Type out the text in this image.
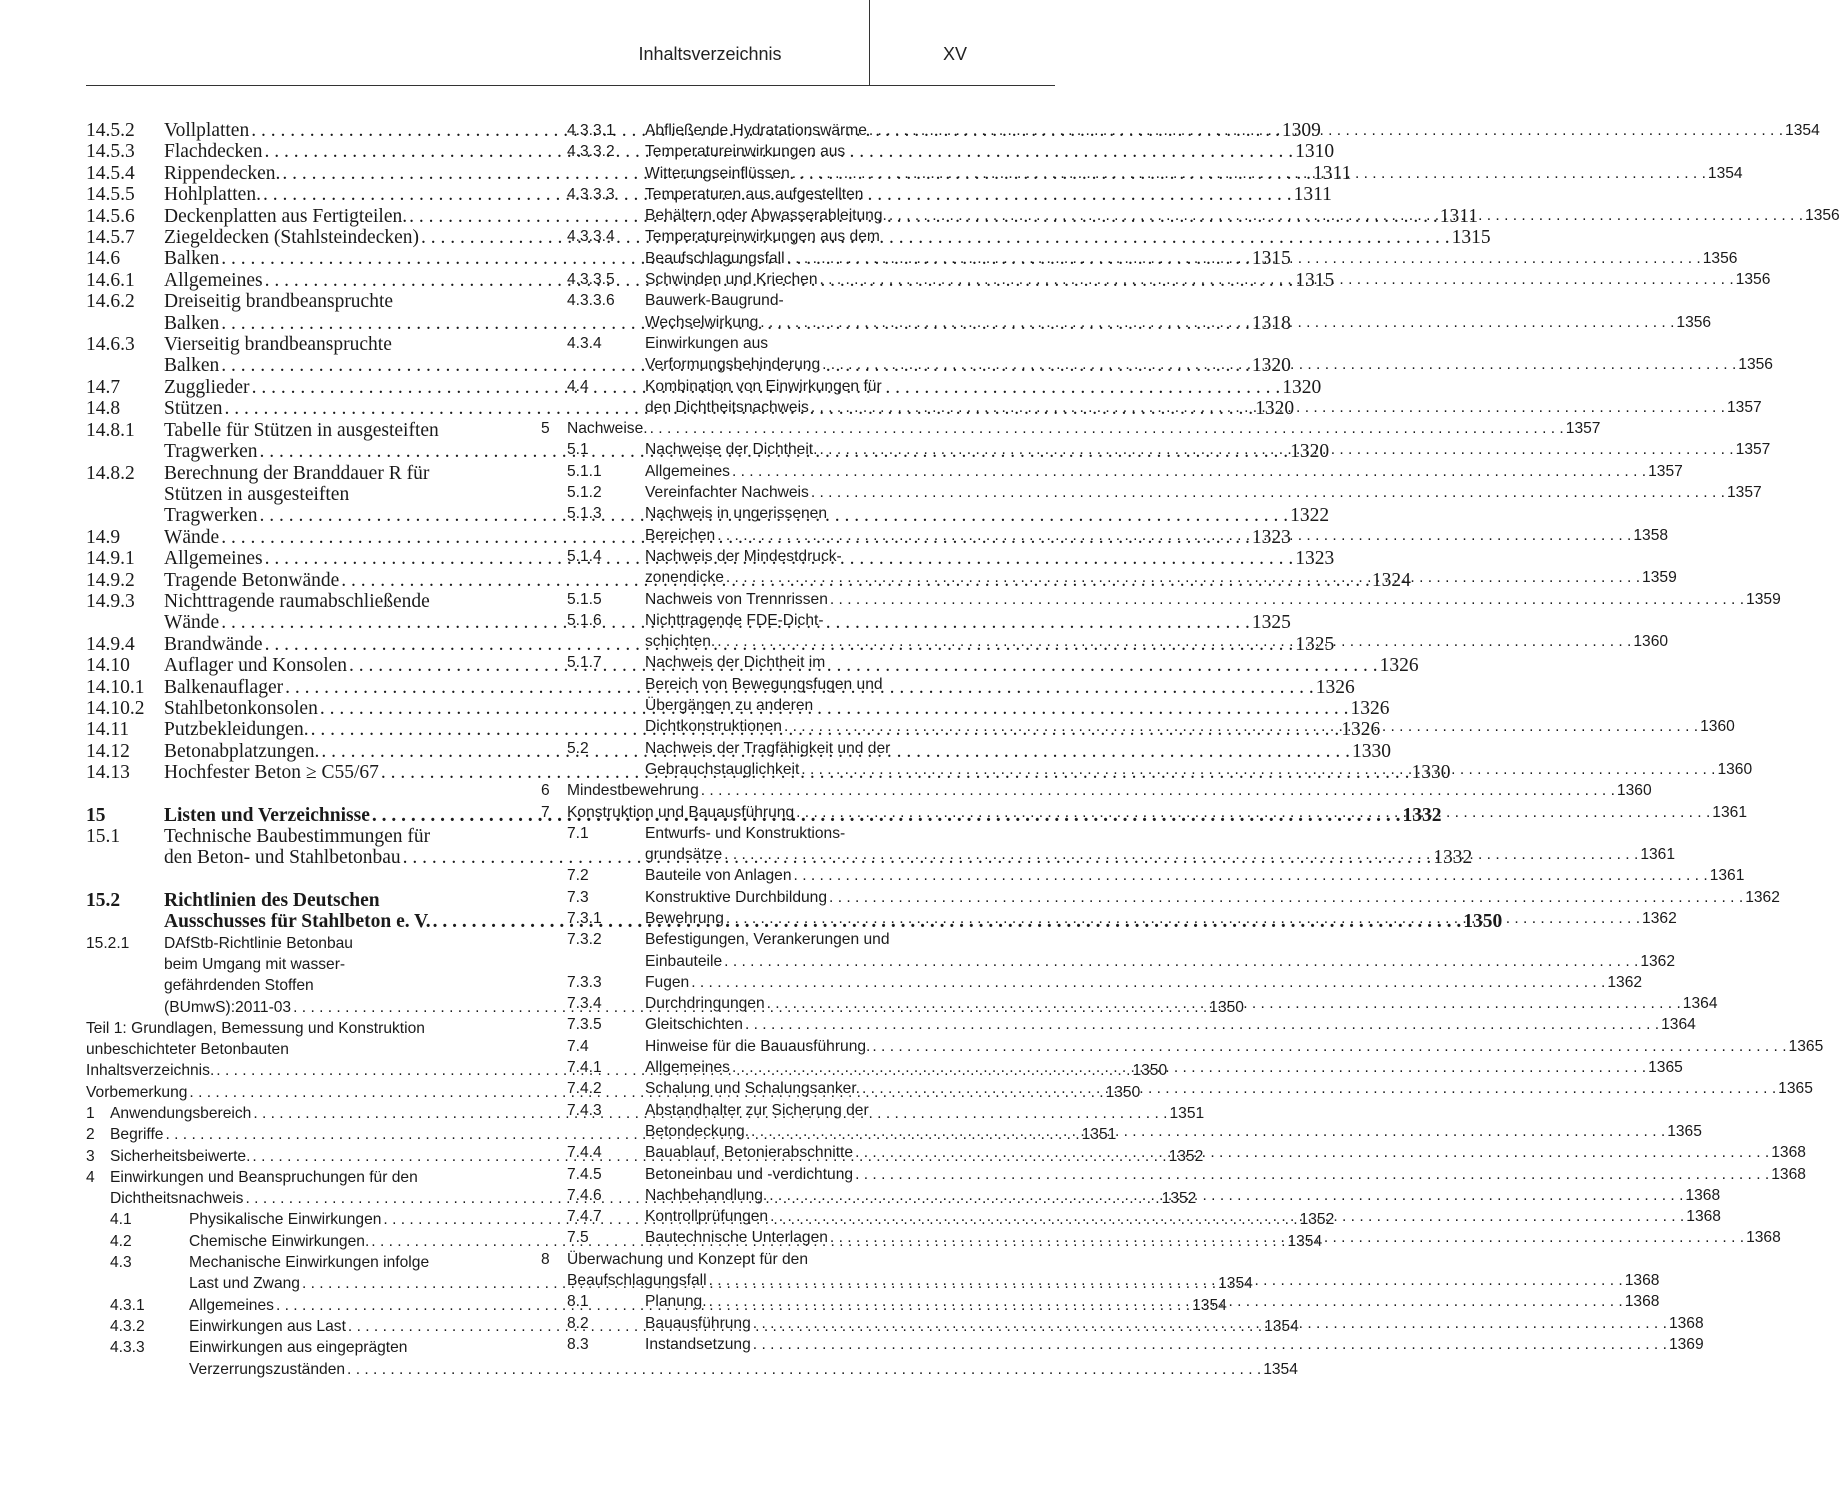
Inhaltsverzeichnis	XV
14.5.2 Vollplatten . . .	1309
14.5.3 Flachdecken . . .	1310
14.5.4 Rippendecken. . . .	1311
14.5.5 Hohlplatten. . . .	1311
14.5.6 Deckenplatten aus Fertigteilen. . . .	1311
14.5.7 Ziegeldecken (Stahlsteindecken) . . .	1315
14.6 Balken . . .	1315
14.6.1 Allgemeines . . .	1315
14.6.2 Dreiseitig brandbeanspruchte
Balken . . .	1318
14.6.3 Vierseitig brandbeanspruchte
Balken . . .	1320
14.7 Zugglieder . . .	1320
14.8 Stützen . . .	1320
14.8.1 Tabelle für Stützen in ausgesteiften
Tragwerken . . .	1320
14.8.2 Berechnung der Branddauer R für
Stützen in ausgesteiften
Tragwerken . . .	1322
14.9 Wände . . .	1323
14.9.1 Allgemeines . . .	1323
14.9.2 Tragende Betonwände . . .	1324
14.9.3 Nichttragende raumabschließende
Wände . . .	1325
14.9.4 Brandwände . . .	1325
14.10 Auflager und Konsolen . . .	1326
14.10.1 Balkenauflager . . .	1326
14.10.2 Stahlbetonkonsolen . . .	1326
14.11 Putzbekleidungen. . . .	1326
14.12 Betonabplatzungen. . . .	1330
14.13 Hochfester Beton ≥ C55/67 . . .	1330
15	Listen und Verzeichnisse . . .	1332
15.1 Technische Baubestimmungen für
den Beton- und Stahlbetonbau . . .	1332
15.2 Richtlinien des Deutschen
Ausschusses für Stahlbeton e. V. . . .	1350
15.2.1 DAfStb-Richtlinie Betonbau
beim Umgang mit wasser-
gefährdenden Stoffen
(BUmwS):2011-03 . . .	1350
Teil 1: Grundlagen, Bemessung und Konstruktion
unbeschichteter Betonbauten
Inhaltsverzeichnis. . . .	1350
Vorbemerkung . . .	1350
1 Anwendungsbereich . . .	1351
2 Begriffe . . .	1351
3 Sicherheitsbeiwerte. . . .	1352
4 Einwirkungen und Beanspruchungen für den
Dichtheitsnachweis . . .	1352
4.1	Physikalische Einwirkungen . . .	1352
4.2	Chemische Einwirkungen. . . .	1354
4.3	Mechanische Einwirkungen infolge
Last und Zwang . . .	1354
4.3.1	Allgemeines . . .	1354
4.3.2	Einwirkungen aus Last . . .	1354
4.3.3	Einwirkungen aus eingeprägten
Verzerrungszuständen . . .	1354
4.3.3.1 Abfließende Hydratationswärme . . .	1354
4.3.3.2 Temperatureinwirkungen aus
Witterungseinflüssen . . .	1354
4.3.3.3 Temperaturen aus aufgestellten
Behältern oder Abwasserableitung. . . .	1356
4.3.3.4 Temperatureinwirkungen aus dem
Beaufschlagungsfall . . .	1356
4.3.3.5 Schwinden und Kriechen . . .	1356
4.3.3.6 Bauwerk-Baugrund-
Wechselwirkung . . .	1356
4.3.4	Einwirkungen aus
Verformungsbehinderung . . .	1356
4.4	Kombination von Einwirkungen für
den Dichtheitsnachweis . . .	1357
5 Nachweise. . . .	1357
5.1	Nachweise der Dichtheit. . . .	1357
5.1.1	Allgemeines . . .	1357
5.1.2	Vereinfachter Nachweis . . .	1357
5.1.3	Nachweis in ungerissenen
Bereichen . . .	1358
5.1.4	Nachweis der Mindestdruck-
zonendicke . . .	1359
5.1.5	Nachweis von Trennrissen . . .	1359
5.1.6	Nichttragende FDE-Dicht-
schichten. . . .	1360
5.1.7	Nachweis der Dichtheit im
Bereich von Bewegungsfugen und
Übergängen zu anderen
Dichtkonstruktionen . . .	1360
5.2	Nachweis der Tragfähigkeit und der
Gebrauchstauglichkeit . . .	1360
6 Mindestbewehrung . . .	1360
7 Konstruktion und Bauausführung . . .	1361
7.1	Entwurfs- und Konstruktions-
grundsätze . . .	1361
7.2	Bauteile von Anlagen . . .	1361
7.3	Konstruktive Durchbildung . . .	1362
7.3.1	Bewehrung . . .	1362
7.3.2	Befestigungen, Verankerungen und
Einbauteile . . .	1362
7.3.3	Fugen . . .	1362
7.3.4	Durchdringungen . . .	1364
7.3.5	Gleitschichten . . .	1364
7.4	Hinweise für die Bauausführung. . . .	1365
7.4.1	Allgemeines . . .	1365
7.4.2	Schalung und Schalungsanker. . . .	1365
7.4.3	Abstandhalter zur Sicherung der
Betondeckung. . . .	1365
7.4.4	Bauablauf, Betonierabschnitte . . .	1368
7.4.5	Betoneinbau und -verdichtung . . .	1368
7.4.6	Nachbehandlung. . . .	1368
7.4.7	Kontrollprüfungen . . .	1368
7.5	Bautechnische Unterlagen . . .	1368
8 Überwachung und Konzept für den
Beaufschlagungsfall . . .	1368
8.1	Planung. . . .	1368
8.2	Bauausführung . . .	1368
8.3	Instandsetzung . . .	1369
